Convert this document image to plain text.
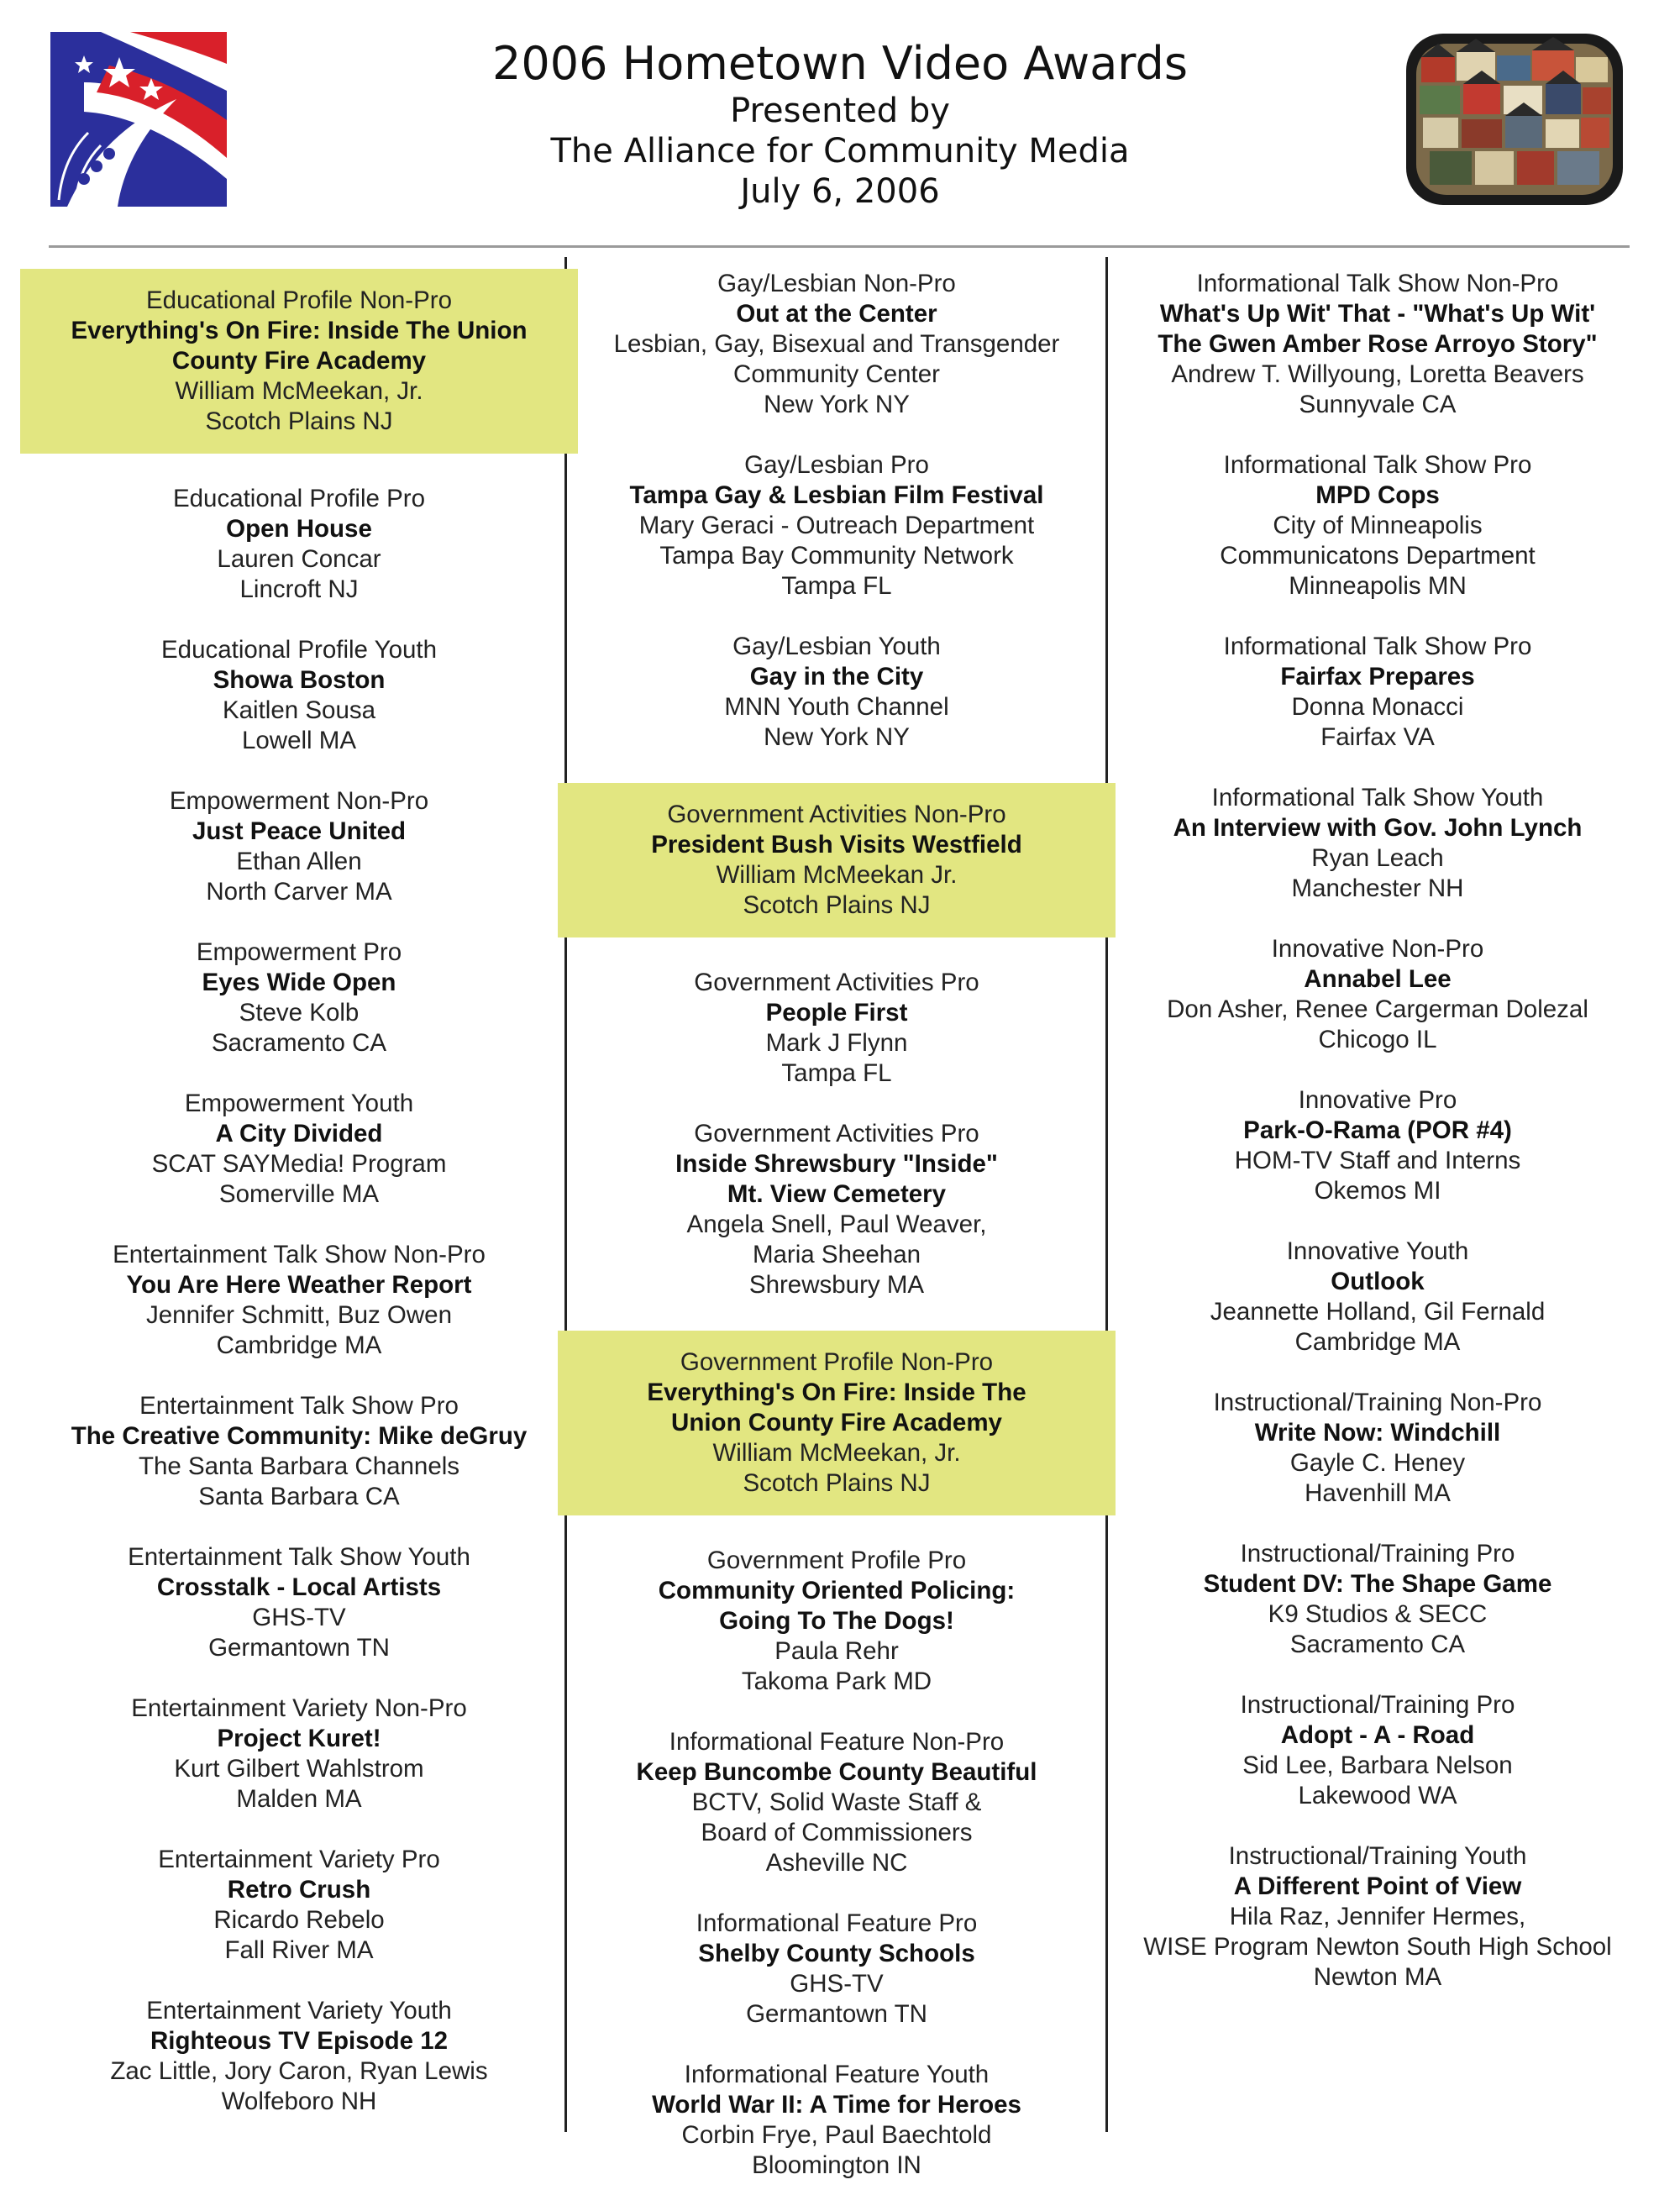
2006 Hometown Video Awards
Presented by
The Alliance for Community Media
July 6, 2006
Educational Profile Non-Pro
Everything's On Fire: Inside The Union
County Fire Academy
William McMeekan, Jr.
Scotch Plains NJ
Educational Profile Pro
Open House
Lauren Concar
Lincroft NJ
Educational Profile Youth
Showa Boston
Kaitlen Sousa
Lowell MA
Empowerment Non-Pro
Just Peace United
Ethan Allen
North Carver MA
Empowerment Pro
Eyes Wide Open
Steve Kolb
Sacramento CA
Empowerment Youth
A City Divided
SCAT SAYMedia! Program
Somerville MA
Entertainment Talk Show Non-Pro
You Are Here Weather Report
Jennifer Schmitt, Buz Owen
Cambridge MA
Entertainment Talk Show Pro
The Creative Community: Mike deGruy
The Santa Barbara Channels
Santa Barbara CA
Entertainment Talk Show Youth
Crosstalk - Local Artists
GHS-TV
Germantown TN
Entertainment Variety Non-Pro
Project Kuret!
Kurt Gilbert Wahlstrom
Malden MA
Entertainment Variety Pro
Retro Crush
Ricardo Rebelo
Fall River MA
Entertainment Variety Youth
Righteous TV Episode 12
Zac Little, Jory Caron, Ryan Lewis
Wolfeboro NH
Gay/Lesbian Non-Pro
Out at the Center
Lesbian, Gay, Bisexual and Transgender
Community Center
New York NY
Gay/Lesbian Pro
Tampa Gay & Lesbian Film Festival
Mary Geraci - Outreach Department
Tampa Bay Community Network
Tampa FL
Gay/Lesbian Youth
Gay in the City
MNN Youth Channel
New York NY
Government Activities Non-Pro
President Bush Visits Westfield
William McMeekan Jr.
Scotch Plains NJ
Government Activities Pro
People First
Mark J Flynn
Tampa FL
Government Activities Pro
Inside Shrewsbury "Inside"
Mt. View Cemetery
Angela Snell, Paul Weaver,
Maria Sheehan
Shrewsbury MA
Government Profile Non-Pro
Everything's On Fire: Inside The
Union County Fire Academy
William McMeekan, Jr.
Scotch Plains NJ
Government Profile Pro
Community Oriented Policing:
Going To The Dogs!
Paula Rehr
Takoma Park MD
Informational Feature Non-Pro
Keep Buncombe County Beautiful
BCTV, Solid Waste Staff &
Board of Commissioners
Asheville NC
Informational Feature Pro
Shelby County Schools
GHS-TV
Germantown TN
Informational Feature Youth
World War II: A Time for Heroes
Corbin Frye, Paul Baechtold
Bloomington IN
Informational Talk Show Non-Pro
What's Up Wit' That - "What's Up Wit'
The Gwen Amber Rose Arroyo Story"
Andrew T. Willyoung, Loretta Beavers
Sunnyvale CA
Informational Talk Show Pro
MPD Cops
City of Minneapolis
Communicatons Department
Minneapolis MN
Informational Talk Show Pro
Fairfax Prepares
Donna Monacci
Fairfax VA
Informational Talk Show Youth
An Interview with Gov. John Lynch
Ryan Leach
Manchester NH
Innovative Non-Pro
Annabel Lee
Don Asher, Renee Cargerman Dolezal
Chicogo IL
Innovative Pro
Park-O-Rama (POR #4)
HOM-TV Staff and Interns
Okemos MI
Innovative Youth
Outlook
Jeannette Holland, Gil Fernald
Cambridge MA
Instructional/Training Non-Pro
Write Now: Windchill
Gayle C. Heney
Havenhill MA
Instructional/Training Pro
Student DV: The Shape Game
K9 Studios & SECC
Sacramento CA
Instructional/Training Pro
Adopt - A - Road
Sid Lee, Barbara Nelson
Lakewood WA
Instructional/Training Youth
A Different Point of View
Hila Raz, Jennifer Hermes,
WISE Program Newton South High School
Newton MA
